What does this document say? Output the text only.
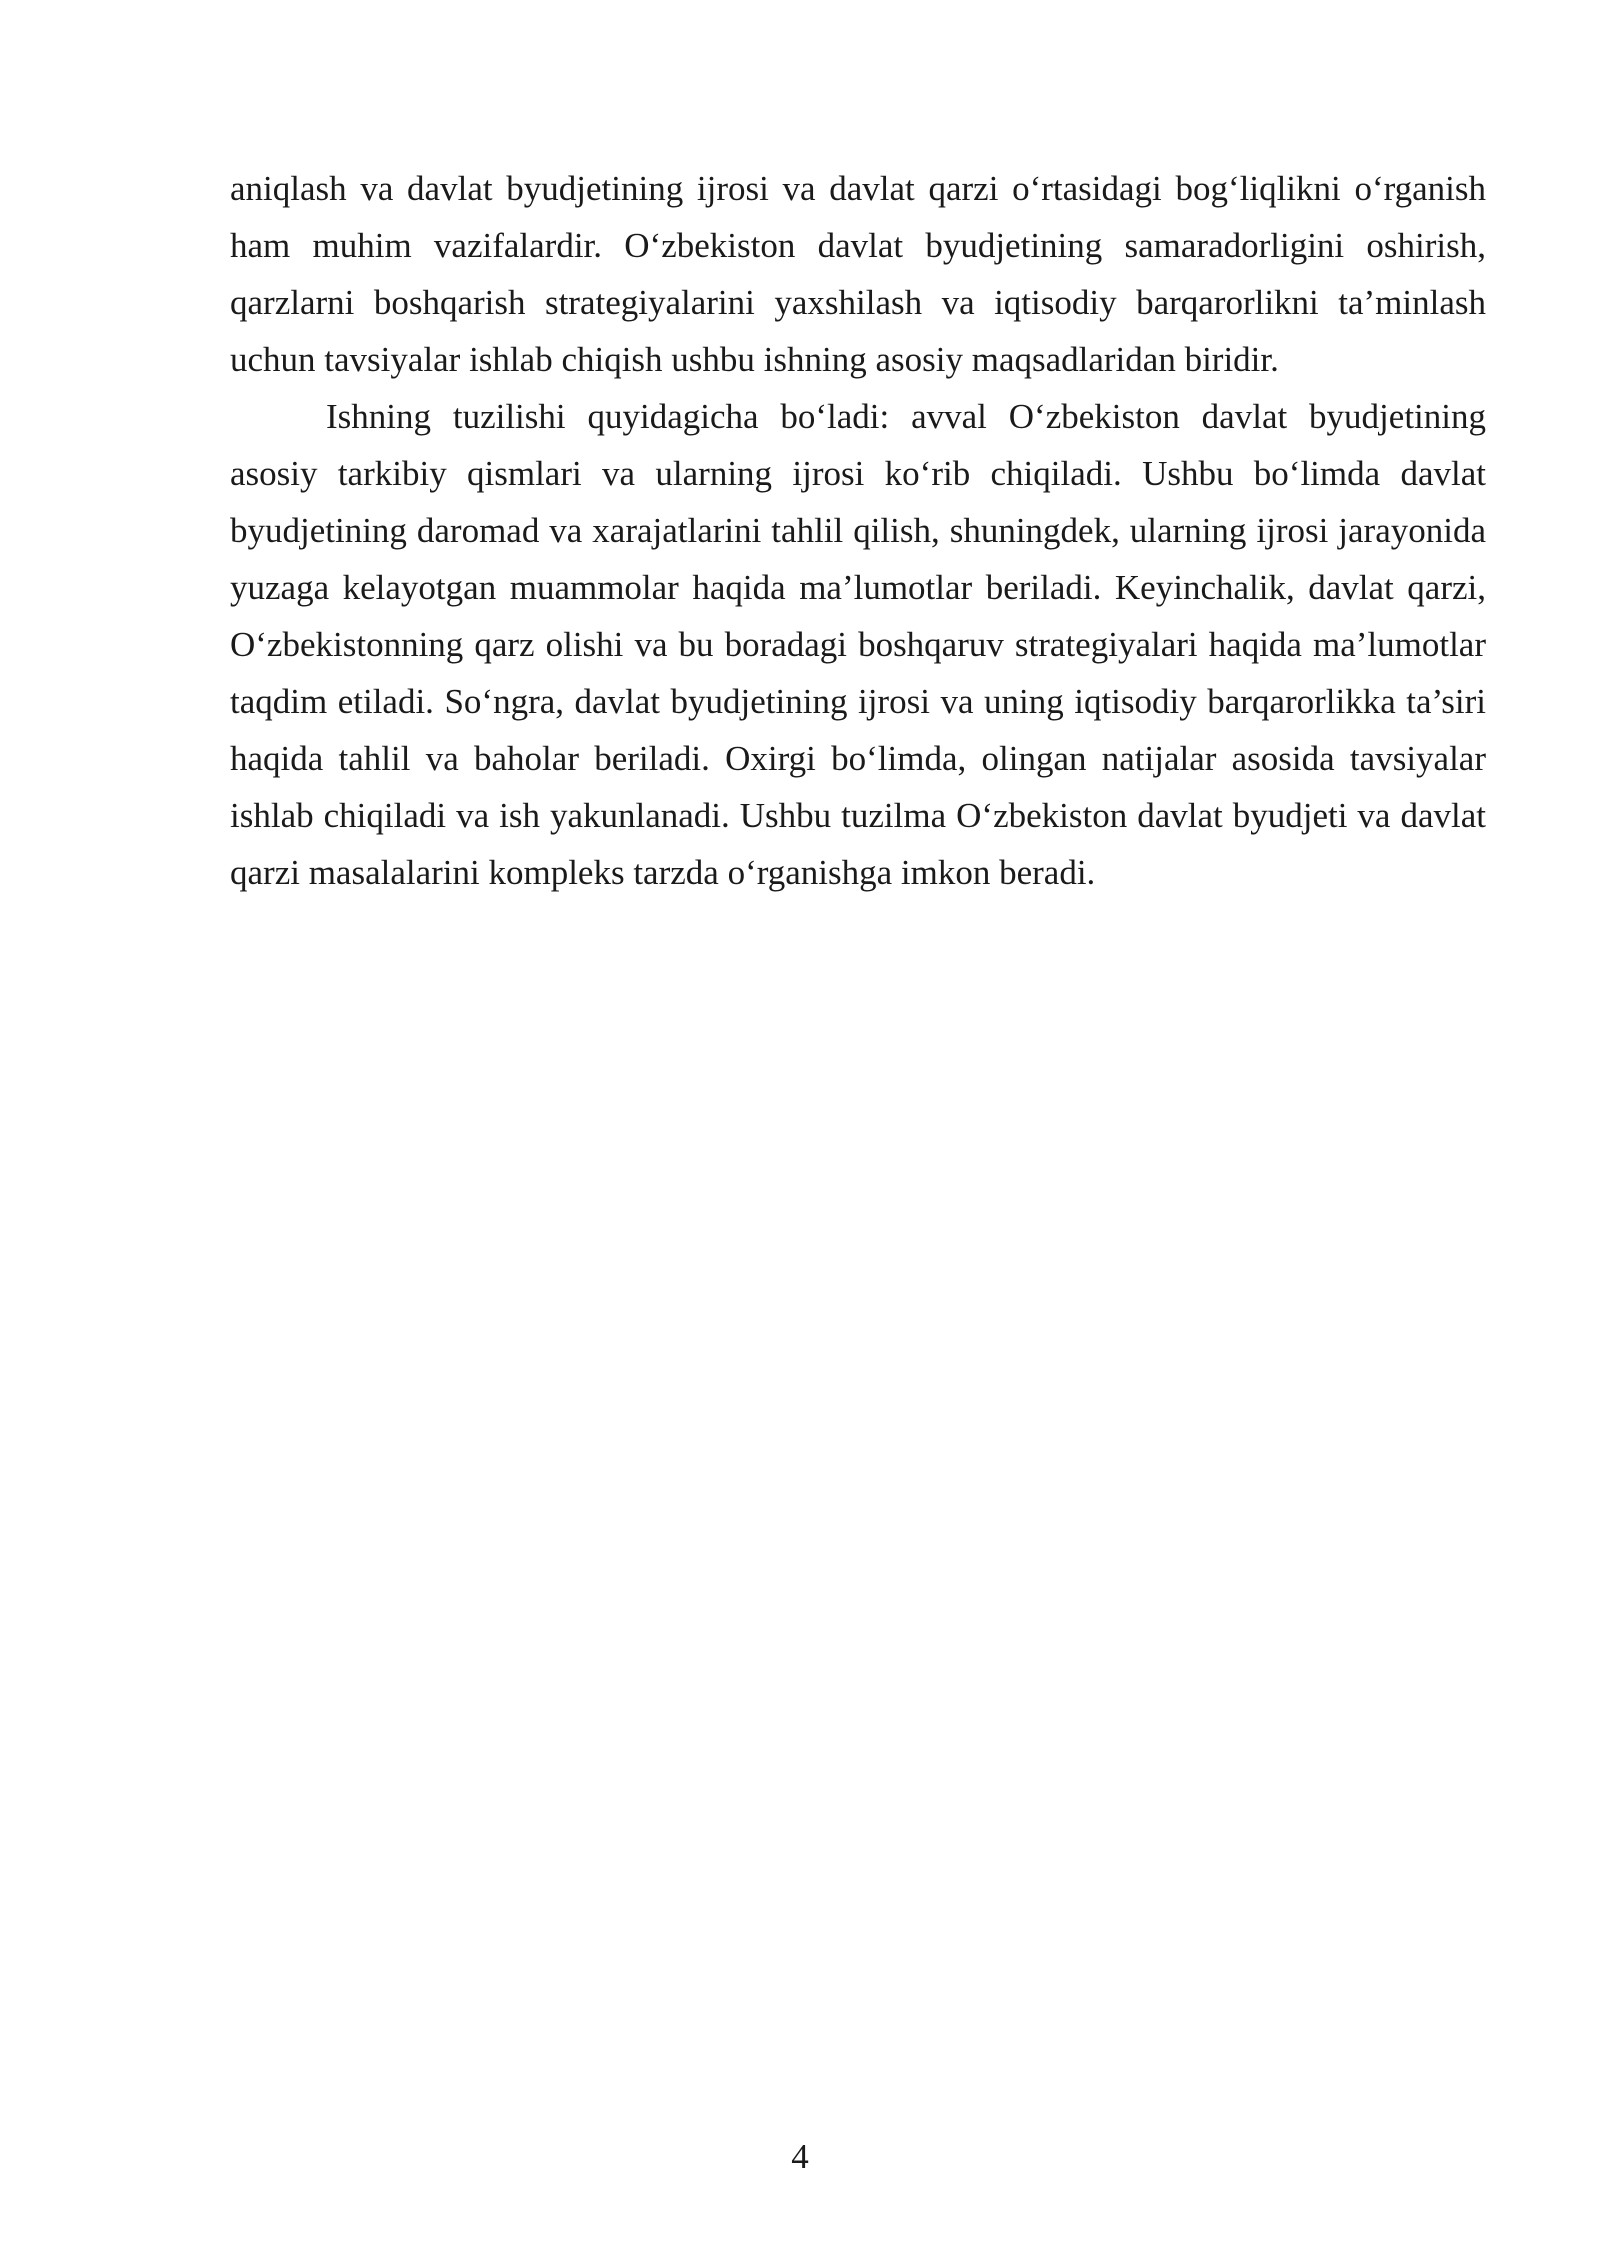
aniqlash va davlat byudjetining ijrosi va davlat qarzi o‘rtasidagi bog‘liqlikni o‘rganish ham muhim vazifalardir. O‘zbekiston davlat byudjetining samaradorligini oshirish, qarzlarni boshqarish strategiyalarini yaxshilash va iqtisodiy barqarorlikni ta’minlash uchun tavsiyalar ishlab chiqish ushbu ishning asosiy maqsadlaridan biridir.

Ishning tuzilishi quyidagicha bo‘ladi: avval O‘zbekiston davlat byudjetining asosiy tarkibiy qismlari va ularning ijrosi ko‘rib chiqiladi. Ushbu bo‘limda davlat byudjetining daromad va xarajatlarini tahlil qilish, shuningdek, ularning ijrosi jarayonida yuzaga kelayotgan muammolar haqida ma’lumotlar beriladi. Keyinchalik, davlat qarzi, O‘zbekistonning qarz olishi va bu boradagi boshqaruv strategiyalari haqida ma’lumotlar taqdim etiladi. So‘ngra, davlat byudjetining ijrosi va uning iqtisodiy barqarorlikka ta’siri haqida tahlil va baholar beriladi. Oxirgi bo‘limda, olingan natijalar asosida tavsiyalar ishlab chiqiladi va ish yakunlanadi. Ushbu tuzilma O‘zbekiston davlat byudjeti va davlat qarzi masalalarini kompleks tarzda o‘rganishga imkon beradi.

4
